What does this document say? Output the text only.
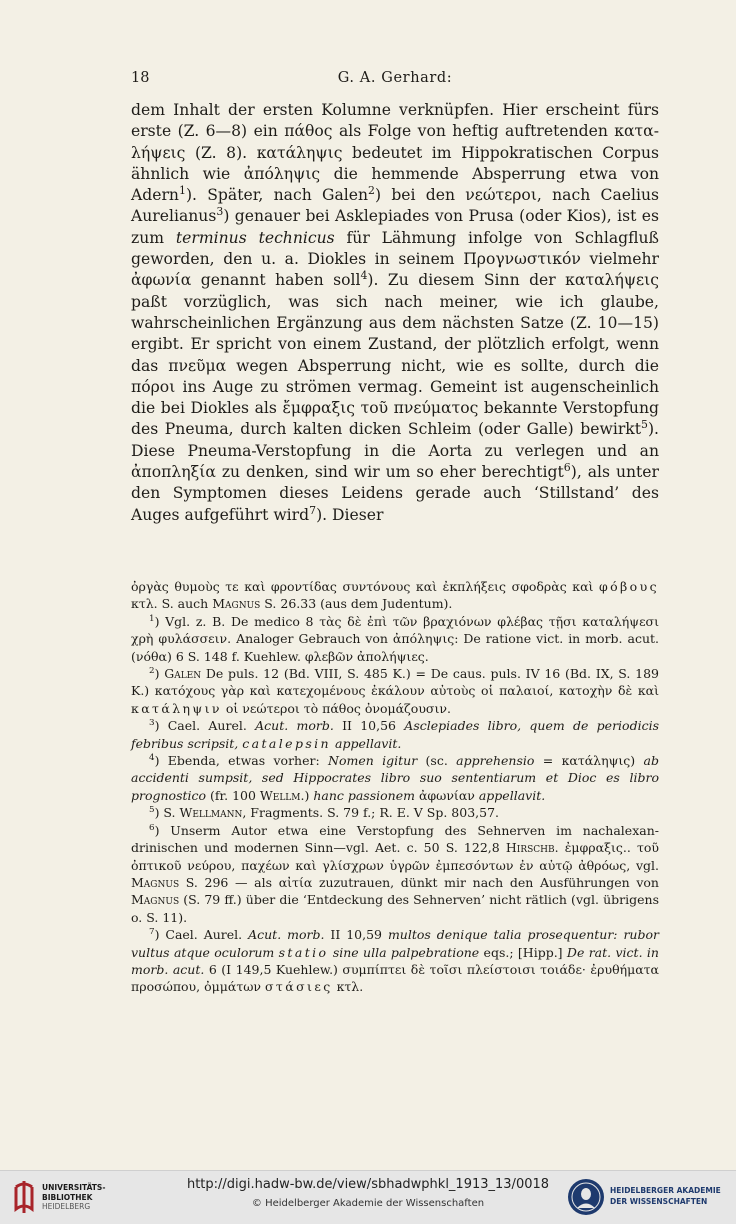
18	G. A. Gerhard:

dem Inhalt der ersten Kolumne verknüpfen. Hier erscheint fürs erste (Z. 6—8) ein πάθος als Folge von heftig auftretenden καταλήψεις (Z. 8). κατάληψις bedeutet im Hippokratischen Corpus ähnlich wie ἀπόληψις die hemmende Absperrung etwa von Adern$^1$). Später, nach Galen$^2$) bei den νεώτεροι, nach Caelius Aurelianus$^3$) genauer bei Asklepiades von Prusa (oder Kios), ist es zum terminus technicus für Lähmung infolge von Schlagfluß geworden, den u. a. Diokles in seinem Προγνωστικόν vielmehr ἀφωνία genannt haben soll$^4$). Zu diesem Sinn der καταλήψεις paßt vorzüglich, was sich nach meiner, wie ich glaube, wahrscheinlichen Ergänzung aus dem nächsten Satze (Z. 10—15) ergibt. Er spricht von einem Zustand, der plötzlich erfolgt, wenn das πνεῦμα wegen Absperrung nicht, wie es sollte, durch die πόροι ins Auge zu strömen vermag. Gemeint ist augenscheinlich die bei Diokles als ἔμφραξις τοῦ πνεύματος bekannte Verstopfung des Pneuma, durch kalten dicken Schleim (oder Galle) bewirkt$^5$). Diese Pneuma-Verstopfung in die Aorta zu verlegen und an ἀποπληξία zu denken, sind wir um so eher berechtigt$^6$), als unter den Symptomen dieses Leidens gerade auch ‘Stillstand’ des Auges aufgeführt wird$^7$). Dieser

ὀργὰς θυμοὺς τε καὶ φροντίδας συντόνους καὶ ἐκπλήξεις σφοδρὰς καὶ φόβους κτλ. S. auch Magnus S. 26.33 (aus dem Judentum).

$^1$) Vgl. z. B. De medico 8 τὰς δὲ ἐπὶ τῶν βραχιόνων φλέβας τῇσι καταλήψεσι χρὴ φυλάσσειν. Analoger Gebrauch von ἀπόληψις: De ratione vict. in morb. acut. (νόθα) 6 S. 148 f. Kuehlew. φλεβῶν ἀπολήψιες.

$^2$) Galen De puls. 12 (Bd. VIII, S. 485 K.) = De caus. puls. IV 16 (Bd. IX, S. 189 K.) κατόχους γὰρ καὶ κατεχομένους ἐκάλουν αὐτοὺς οἱ παλαιοί, κατοχὴν δὲ καὶ κατάληψιν οἱ νεώτεροι τὸ πάθος ὀνομάζουσιν.

$^3$) Cael. Aurel. Acut. morb. II 10,56 Asclepiades libro, quem de periodicis febribus scripsit, catalepsin appellavit.

$^4$) Ebenda, etwas vorher: Nomen igitur (sc. apprehensio = κατάληψις) ab accidenti sumpsit, sed Hippocrates libro suo sententiarum et Dioc es libro prognostico (fr. 100 Wellm.) hanc passionem ἀφωνίαν appellavit.

$^5$) S. Wellmann, Fragments. S. 79 f.; R. E. V Sp. 803,57.

$^6$) Unserm Autor etwa eine Verstopfung des Sehnerven im nachalexandrinischen und modernen Sinn—vgl. Aet. c. 50 S. 122,8 Hirschb. ἐμφραξις.. τοῦ ὀπτικοῦ νεύρου, παχέων καὶ γλίσχρων ὑγρῶν ἐμπεσόντων ἐν αὐτῷ ἀθρόως, vgl. Magnus S. 296 — als αἰτία zuzutrauen, dünkt mir nach den Ausführungen von Magnus (S. 79 ff.) über die ‘Entdeckung des Sehnerven’ nicht rätlich (vgl. übrigens o. S. 11).

$^7$) Cael. Aurel. Acut. morb. II 10,59 multos denique talia prosequentur: rubor vultus atque oculorum statio sine ulla palpebratione eqs.; [Hipp.] De rat. vict. in morb. acut. 6 (I 149,5 Kuehlew.) συμπίπτει δὲ τοῖσι πλείστοισι τοιάδε· ἐρυθήματα προσώπου, ὀμμάτων στάσιες κτλ.

UNIVERSITÄTS-
BIBLIOTHEK
HEIDELBERG
http://digi.hadw-bw.de/view/sbhadwphkl_1913_13/0018
© Heidelberger Akademie der Wissenschaften
HEIDELBERGER AKADEMIE
DER WISSENSCHAFTEN
